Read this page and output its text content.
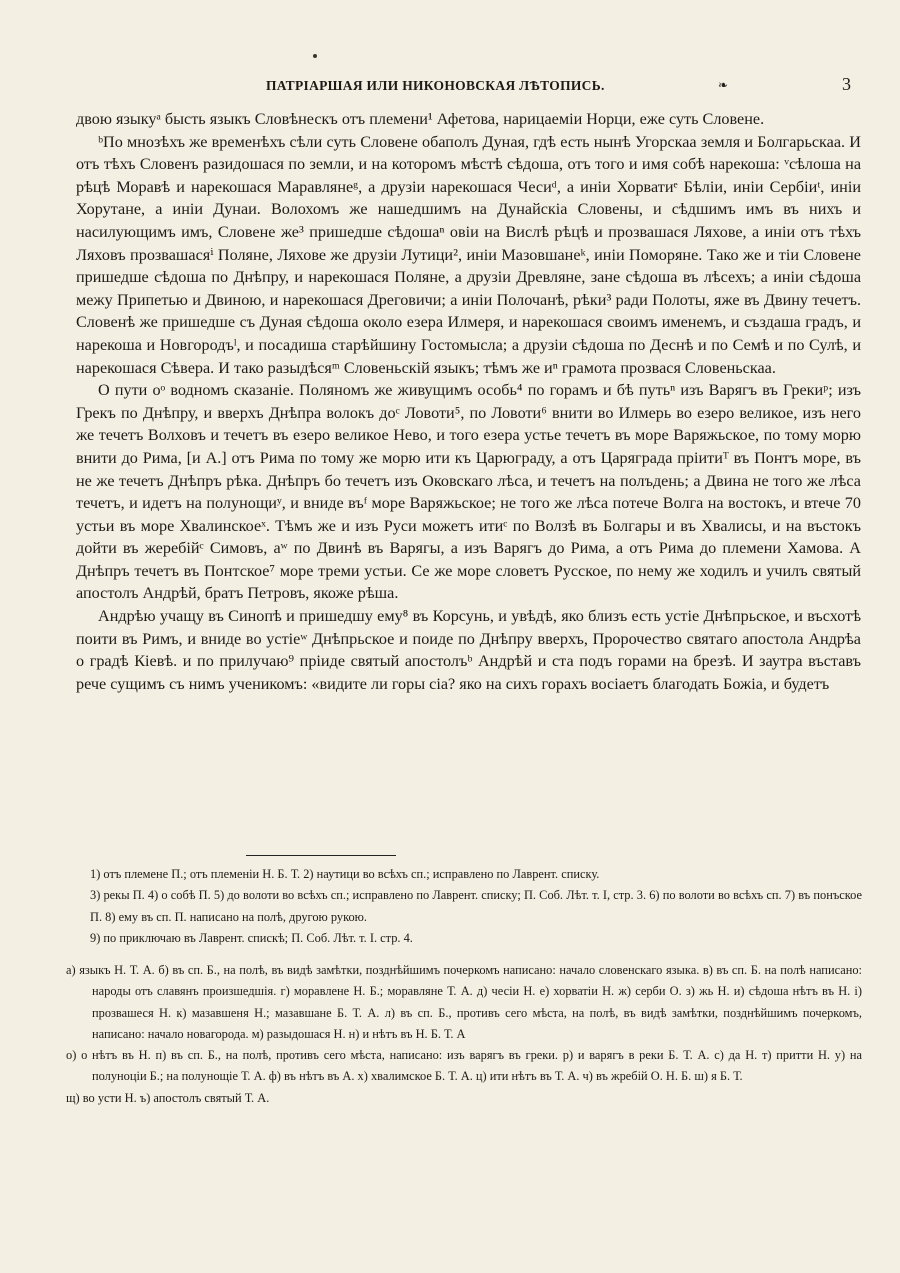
ПАТРIАРШАЯ ИЛИ НИКОНОВСКАЯ ЛѢТОПИСЬ.	❧	3

двою языкуᵃ бысть языкъ Словѣнескъ отъ племени¹ Афетова, нарицаемiи Норци, еже суть Словене.

ᵇПо мнозѣхъ же временѣхъ сѣли суть Словене обаполъ Дуная, гдѣ есть нынѣ Угорскаа земля и Болгарьскаа. И отъ тѣхъ Словенъ разидошася по земли, и на которомъ мѣстѣ сѣдоша, отъ того и имя собѣ нарекоша: ᵛсѣлоша на рѣцѣ Моравѣ и нарекошася Маравлянеᵍ, а друзiи нарекошася Чесиᵈ, а инiи Хорватиᵉ Бѣлiи, инiи Сербiиᵗ, инiи Хорутане, а инiи Дунаи. Волохомъ же нашедшимъ на Дунайскiа Словены, и сѣдшимъ имъ въ нихъ и насилующимъ имъ, Словене же³ пришедше сѣдошаⁿ овiи на Вислѣ рѣцѣ и прозвашася Ляхове, а инiи отъ тѣхъ Ляховъ прозвашасяⁱ Поляне, Ляхове же друзiи Лутици², инiи Мазовшанеᵏ, инiи Поморяне. Тако же и тiи Словене пришедше сѣдоша по Днѣпру, и нарекошася Поляне, а друзiи Древляне, зане сѣдоша въ лѣсехъ; а инiи сѣдоша межу Припетью и Двиною, и нарекошася Дреговичи; а инiи Полочанѣ, рѣки³ ради Полоты, яже въ Двину течетъ. Словенѣ же пришедше съ Дуная сѣдоша около езера Илмеря, и нарекошася своимъ именемъ, и създаша градъ, и нарекоша и Новгородъˡ, и посадиша старѣйшину Гостомысла; а друзiи сѣдоша по Деснѣ и по Семѣ и по Сулѣ, и нарекошася Сѣвера. И тако разыдѣсяᵐ Словеньскiй языкъ; тѣмъ же иⁿ грамота прозвася Словеньскаа.

О пути оᵒ водномъ сказанiе. Поляномъ же живущимъ особь⁴ по горамъ и бѣ путьⁿ изъ Варягъ въ Грекиᵖ; изъ Грекъ по Днѣпру, и вверхъ Днѣпра волокъ доᶜ Ловоти⁵, по Ловоти⁶ внити во Илмерь во езеро великое, изъ него же течетъ Волховъ и течетъ въ езеро великое Нево, и того езера устье течетъ въ море Варяжьское, по тому морю внити до Рима, [и А.] отъ Рима по тому же морю ити къ Царюграду, а отъ Царяграда прiитиᵀ въ Понтъ море, въ не же течетъ Днѣпръ рѣка. Днѣпръ бо течетъ изъ Оковскаго лѣса, и течетъ на полъдень; а Двина не того же лѣса течетъ, и идетъ на полунощиʸ, и внидe въᶠ море Варяжьское; не того же лѣса потече Волга на востокъ, и втече 70 устьи въ море Хвалинскоеˣ. Тѣмъ же и изъ Руси можетъ итиᶜ по Волзѣ въ Болгары и въ Хвалисы, и на въстокъ дойти въ жеребiйᶜ Симовъ, аʷ по Двинѣ въ Варягы, а изъ Варягъ до Рима, а отъ Рима до племени Хамова. А Днѣпръ течетъ въ Понтское⁷ море треми устьи. Се же море словетъ Русское, по нему же ходилъ и училъ святый апостолъ Андрѣй, братъ Петровъ, якоже рѣша.

Андрѣю учащу въ Синопѣ и пришедшу ему⁸ въ Корсунь, и увѣдѣ, яко близъ есть устiе Днѣпрьское, и въсхотѣ поити въ Римъ, и вниде во устiеʷ Днѣпрьское и поиде по Днѣпру вверхъ, Пророчество святаго апостола Андрѣа о градѣ Кiевѣ. и по прилучаю⁹ прiиде святый апостолъᵇ Андрѣй и ста подъ горами на брезѣ. И заутра въставъ рече сущимъ съ нимъ ученикомъ: «видите ли горы сiа? яко на сихъ горахъ восiаетъ благодать Божiа, и будетъ

1) отъ племене П.; отъ племенiи Н. Б. Т. 2) наутици во всѣхъ сп.; исправлено по Лаврент. списку.

3) рекы П. 4) о собѣ П. 5) до волоти во всѣхъ сп.; исправлено по Лаврент. списку; П. Соб. Лѣт. т. I, стр. 3. 6) по волоти во всѣхъ сп. 7) въ понъское П. 8) ему въ сп. П. написано на полѣ, другою рукою.

9) по приключаю въ Лаврент. спискѣ; П. Соб. Лѣт. т. I. стр. 4.

а) языкъ Н. Т. А. б) въ сп. Б., на полѣ, въ видѣ замѣтки, позднѣйшимъ почеркомъ написано: начало словенскаго языка. в) въ сп. Б. на полѣ написано: народы отъ славянъ произшедшiя. г) моравлене Н. Б.; моравляне Т. А. д) чесiи Н. е) хорватiи Н. ж) серби О. з) жь Н. и) сѣдоша нѣтъ въ Н. i) прозвашеся Н. к) мазавшеня Н.; мазавшане Б. Т. А. л) въ сп. Б., противъ сего мѣста, на полѣ, въ видѣ замѣтки, позднѣйшимъ почеркомъ, написано: начало новагорода. м) разыдошася Н. н) и нѣтъ въ Н. Б. Т. А

о) о нѣтъ въ Н. п) въ сп. Б., на полѣ, противъ сего мѣста, написано: изъ варягъ въ греки. р) и варягъ в реки Б. Т. А. с) да Н. т) притти Н. у) на полуноцiи Б.; на полунощiе Т. А. ф) въ нѣтъ въ А. х) хвалимское Б. Т. А. ц) ити нѣтъ въ Т. А. ч) въ жребiй О. Н. Б. ш) я Б. Т.

щ) во усти Н. ъ) апостолъ святый Т. А.
